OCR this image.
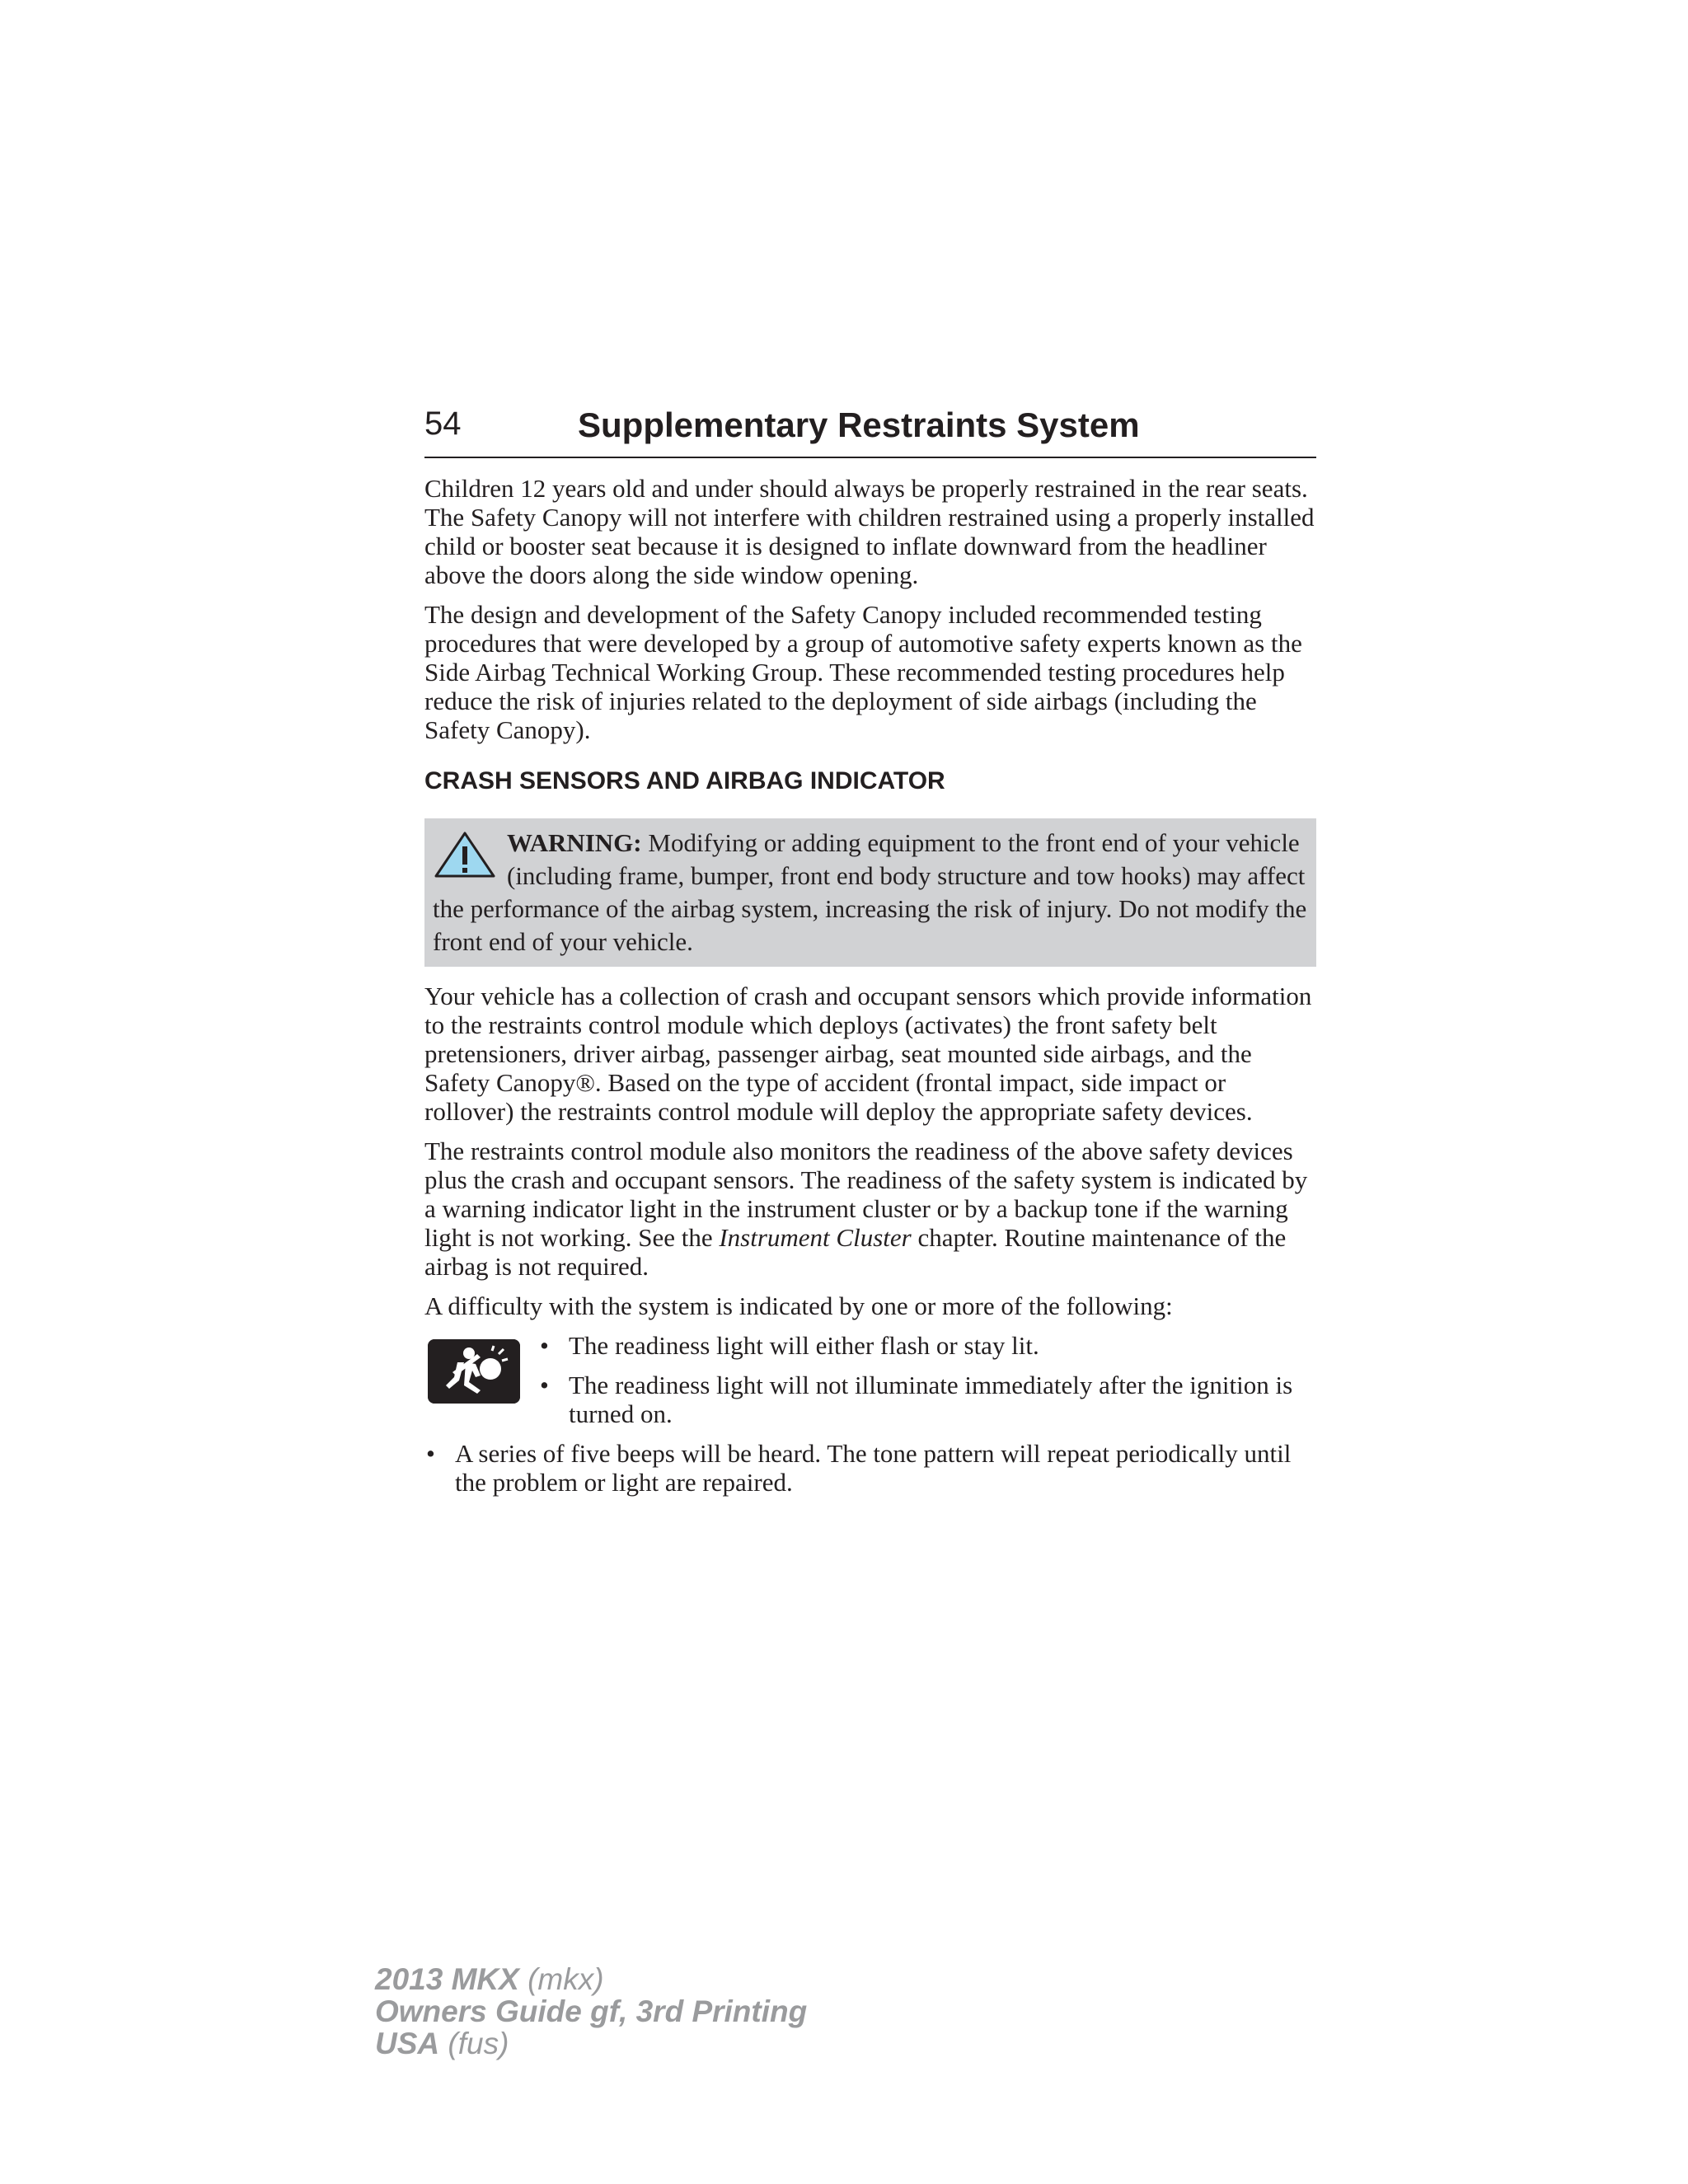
54	Supplementary Restraints System

Children 12 years old and under should always be properly restrained in the rear seats. The Safety Canopy will not interfere with children restrained using a properly installed child or booster seat because it is designed to inflate downward from the headliner above the doors along the side window opening.

The design and development of the Safety Canopy included recommended testing procedures that were developed by a group of automotive safety experts known as the Side Airbag Technical Working Group. These recommended testing procedures help reduce the risk of injuries related to the deployment of side airbags (including the Safety Canopy).

CRASH SENSORS AND AIRBAG INDICATOR
WARNING: Modifying or adding equipment to the front end of your vehicle (including frame, bumper, front end body structure and tow hooks) may affect the performance of the airbag system, increasing the risk of injury. Do not modify the front end of your vehicle.

Your vehicle has a collection of crash and occupant sensors which provide information to the restraints control module which deploys (activates) the front safety belt pretensioners, driver airbag, passenger airbag, seat mounted side airbags, and the Safety Canopy®. Based on the type of accident (frontal impact, side impact or rollover) the restraints control module will deploy the appropriate safety devices.

The restraints control module also monitors the readiness of the above safety devices plus the crash and occupant sensors. The readiness of the safety system is indicated by a warning indicator light in the instrument cluster or by a backup tone if the warning light is not working. See the Instrument Cluster chapter. Routine maintenance of the airbag is not required.

A difficulty with the system is indicated by one or more of the following:

• The readiness light will either flash or stay lit.
• The readiness light will not illuminate immediately after the ignition is turned on.
• A series of five beeps will be heard. The tone pattern will repeat periodically until the problem or light are repaired.
2013 MKX (mkx)
Owners Guide gf, 3rd Printing
USA (fus)
